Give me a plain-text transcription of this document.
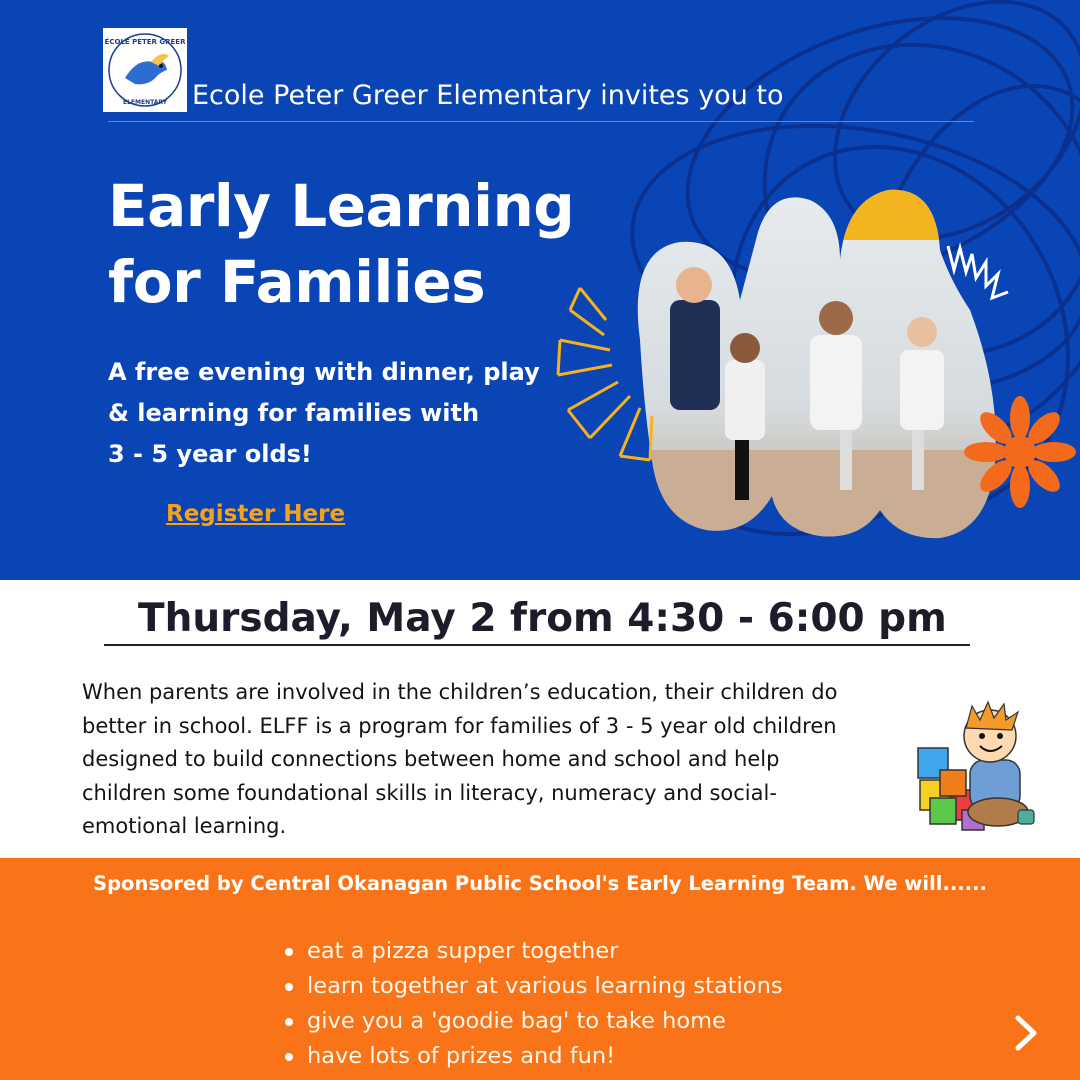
ÉCOLE PETER GREER
ELEMENTARY Ecole Peter Greer Elementary invites you to
Early Learning
for Families
A free evening with dinner, play
& learning for families with
3 - 5 year olds!
Register Here
Thursday, May 2 from 4:30 - 6:00 pm
When parents are involved in the children’s education, their children do
better in school. ELFF is a program for families of 3 - 5 year old children
designed to build connections between home and school and help
children some foundational skills in literacy, numeracy and social-
emotional learning.
Sponsored by Central Okanagan Public School's Early Learning Team. We will......
eat a pizza supper together
learn together at various learning stations
give you a 'goodie bag' to take home
have lots of prizes and fun!
